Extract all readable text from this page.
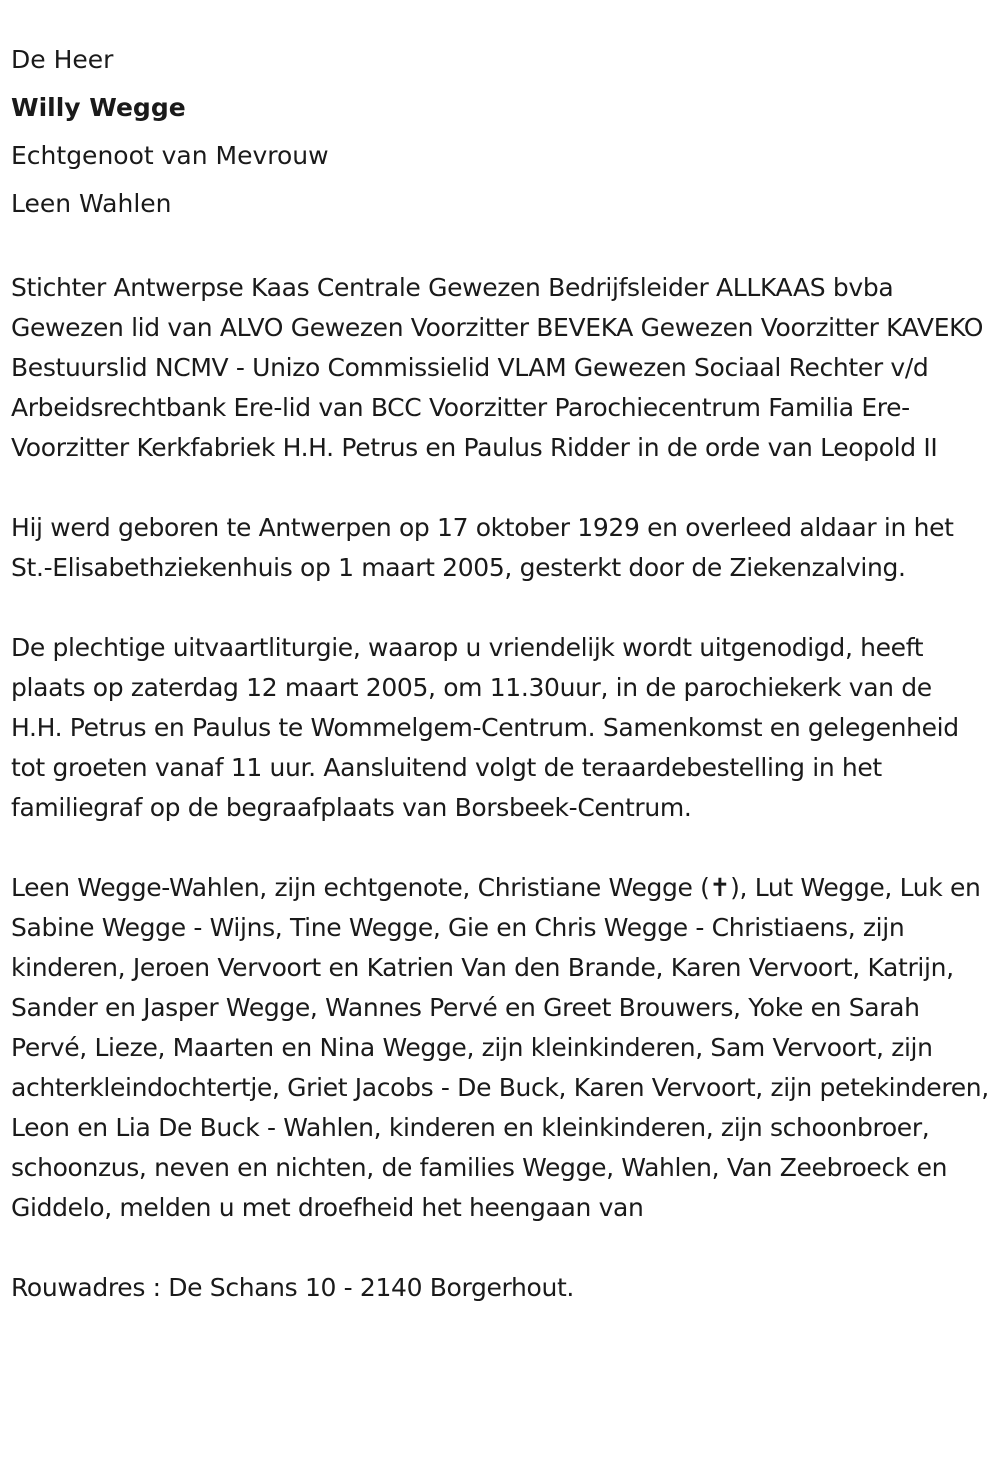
De Heer
Willy Wegge
Echtgenoot van Mevrouw
Leen Wahlen

Stichter Antwerpse Kaas Centrale Gewezen Bedrijfsleider ALLKAAS bvba Gewezen lid van ALVO Gewezen Voorzitter BEVEKA Gewezen Voorzitter KAVEKO Bestuurslid NCMV - Unizo Commissielid VLAM Gewezen Sociaal Rechter v/d Arbeidsrechtbank Ere-lid van BCC Voorzitter Parochiecentrum Familia Ere-Voorzitter Kerkfabriek H.H. Petrus en Paulus Ridder in de orde van Leopold II

Hij werd geboren te Antwerpen op 17 oktober 1929 en overleed aldaar in het St.-Elisabethziekenhuis op 1 maart 2005, gesterkt door de Ziekenzalving.

De plechtige uitvaartliturgie, waarop u vriendelijk wordt uitgenodigd, heeft plaats op zaterdag 12 maart 2005, om 11.30uur, in de parochiekerk van de H.H. Petrus en Paulus te Wommelgem-Centrum. Samenkomst en gelegenheid tot groeten vanaf 11 uur. Aansluitend volgt de teraardebestelling in het familiegraf op de begraafplaats van Borsbeek-Centrum.

Leen Wegge-Wahlen, zijn echtgenote, Christiane Wegge (✝), Lut Wegge, Luk en Sabine Wegge - Wijns, Tine Wegge, Gie en Chris Wegge - Christiaens, zijn kinderen, Jeroen Vervoort en Katrien Van den Brande, Karen Vervoort, Katrijn, Sander en Jasper Wegge, Wannes Pervé en Greet Brouwers, Yoke en Sarah Pervé, Lieze, Maarten en Nina Wegge, zijn kleinkinderen, Sam Vervoort, zijn achterkleindochtertje, Griet Jacobs - De Buck, Karen Vervoort, zijn petekinderen, Leon en Lia De Buck - Wahlen, kinderen en kleinkinderen, zijn schoonbroer, schoonzus, neven en nichten, de families Wegge, Wahlen, Van Zeebroeck en Giddelo, melden u met droefheid het heengaan van

Rouwadres : De Schans 10 - 2140 Borgerhout.
